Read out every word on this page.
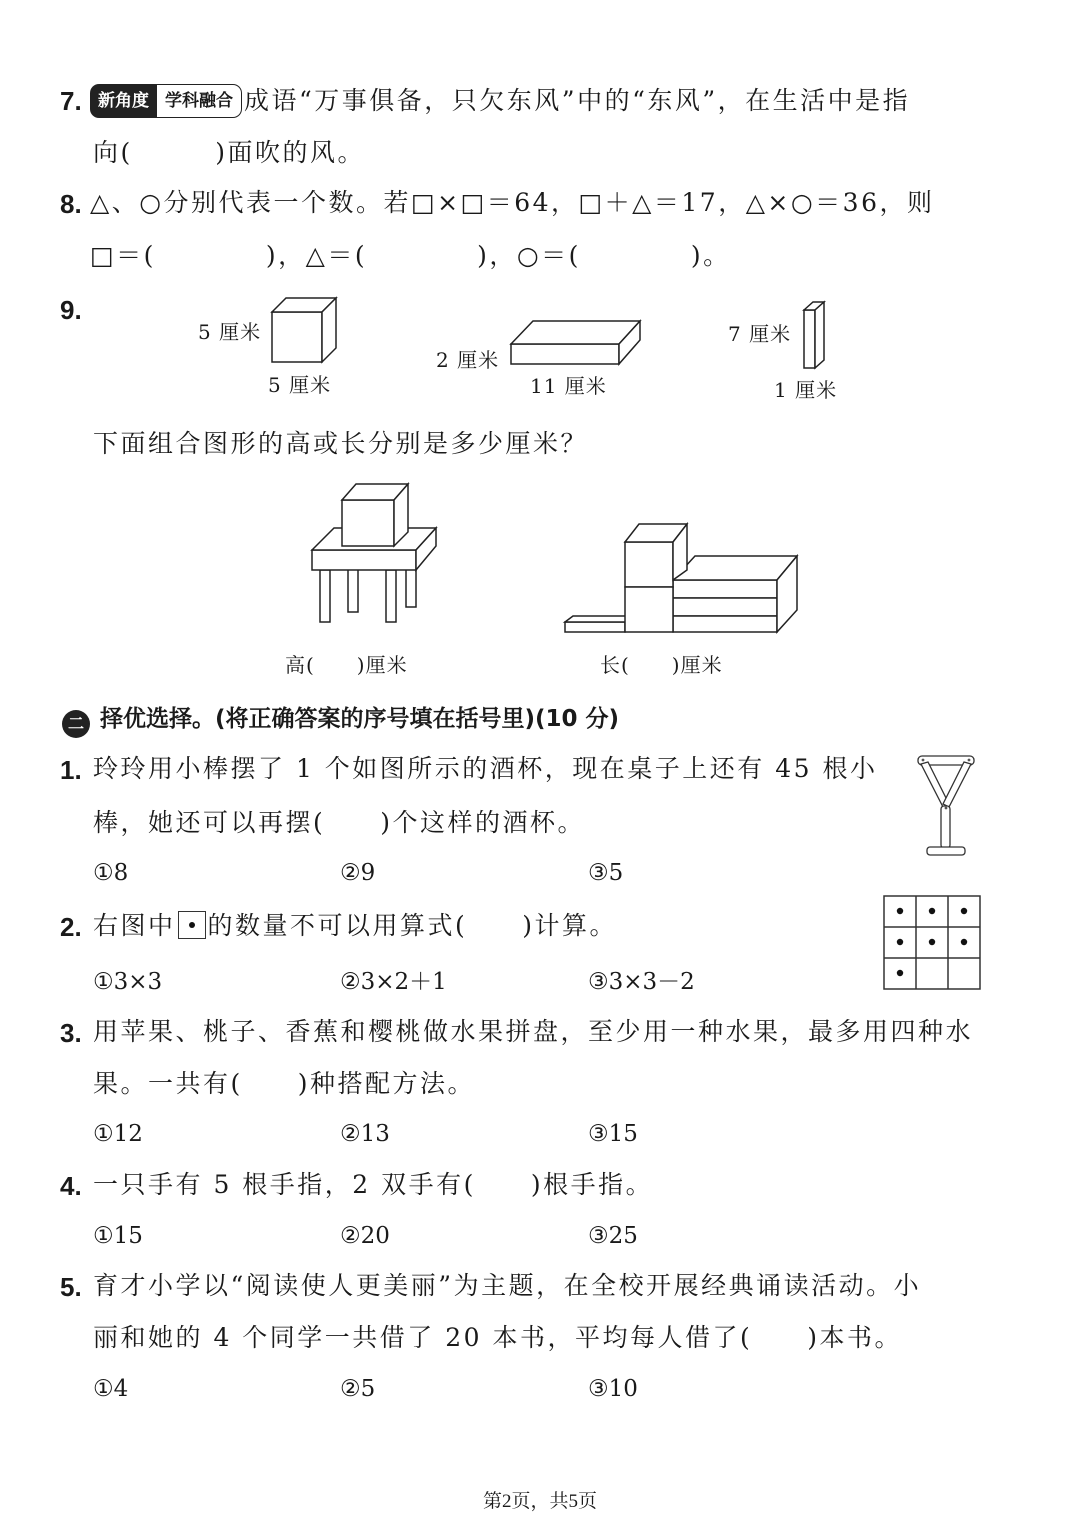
7. 新角度 学科融合 成语“万事俱备，只欠东风”中的“东风”，在生活中是指
向(　　　)面吹的风。
8. △、○分别代表一个数。若□×□＝64，□＋△＝17，△×○＝36，则
□＝(　　　　)，△＝(　　　　)，○＝(　　　　)。
9.
5 厘米
5 厘米
2 厘米
11 厘米
7 厘米
1 厘米
下面组合图形的高或长分别是多少厘米？
高(　　)厘米	长(　　)厘米
二 择优选择。(将正确答案的序号填在括号里)(10 分)
1. 玲玲用小棒摆了 1 个如图所示的酒杯，现在桌子上还有 45 根小
棒，她还可以再摆(　　)个这样的酒杯。
①8	②9	③5
2. 右图中 的数量不可以用算式(　　)计算。
①3×3	②3×2＋1	③3×3－2
3. 用苹果、桃子、香蕉和樱桃做水果拼盘，至少用一种水果，最多用四种水
果。一共有(　　)种搭配方法。
①12	②13	③15
4. 一只手有 5 根手指，2 双手有(　　)根手指。
①15	②20	③25
5. 育才小学以“阅读使人更美丽”为主题，在全校开展经典诵读活动。小
丽和她的 4 个同学一共借了 20 本书，平均每人借了(　　)本书。
①4	②5	③10
第2页，共5页
